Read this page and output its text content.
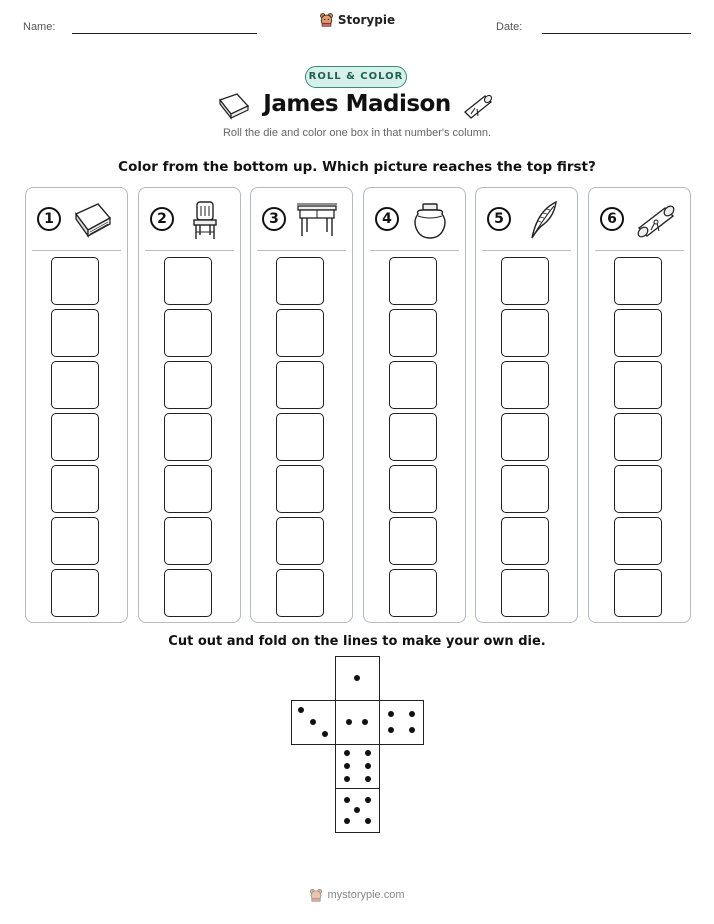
Name:	Date:
Storypie
ROLL & COLOR
James Madison
Roll the die and color one box in that number's column.
Color from the bottom up. Which picture reaches the top first?
1	2	3	4	5	6
Cut out and fold on the lines to make your own die.
mystorypie.com
